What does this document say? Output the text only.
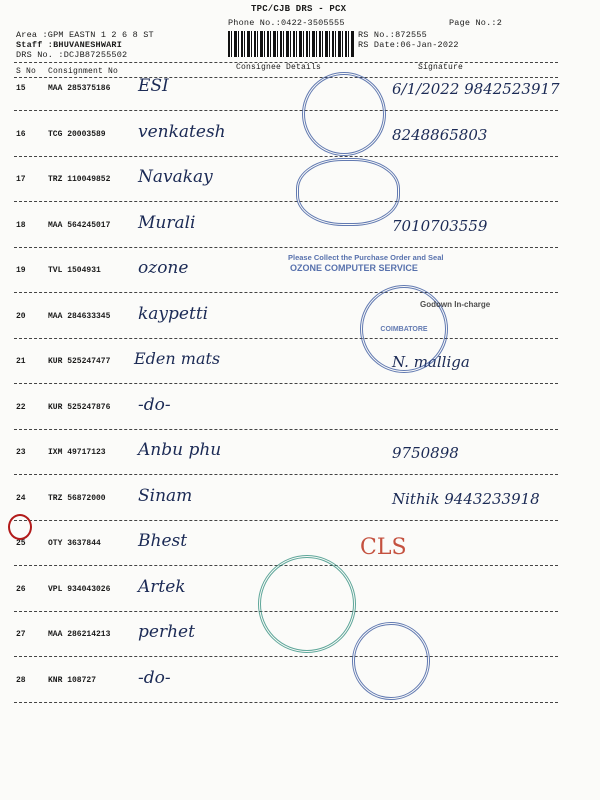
TPC/CJB DRS - PCX
Phone No.:0422-3505555	Page No.:2
Area :GPM EASTN 1 2 6 8 ST
Staff :BHUVANESHWARI
DRS No. :DCJB87255502
RS No.:872555
RS Date:06-Jan-2022
S No Consignment No	Consignee Details	Signature
15	MAA 285375186 ESI	6/1/2022 9842523917
16	TCG 20003589 venkatesh	8248865803
17	TRZ 110049852 Navakay
18	MAA 564245017 Murali	7010703559
19	TVL 1504931 ozone
20	MAA 284633345 kaypetti
21	KUR 525247477 Eden mats	N. malliga
22	KUR 525247876 -do-
23	IXM 49717123 Anbu phu	9750898
24	TRZ 56872000 Sinam	Nithik 9443233918
25	OTY 3637844 Bhest	CLS
26	VPL 934043026 Artek
27	MAA 286214213 perhet
28	KNR 108727 -do-
Please Collect the Purchase Order and Seal
OZONE COMPUTER SERVICE
COIMBATORE
Godown In-charge
